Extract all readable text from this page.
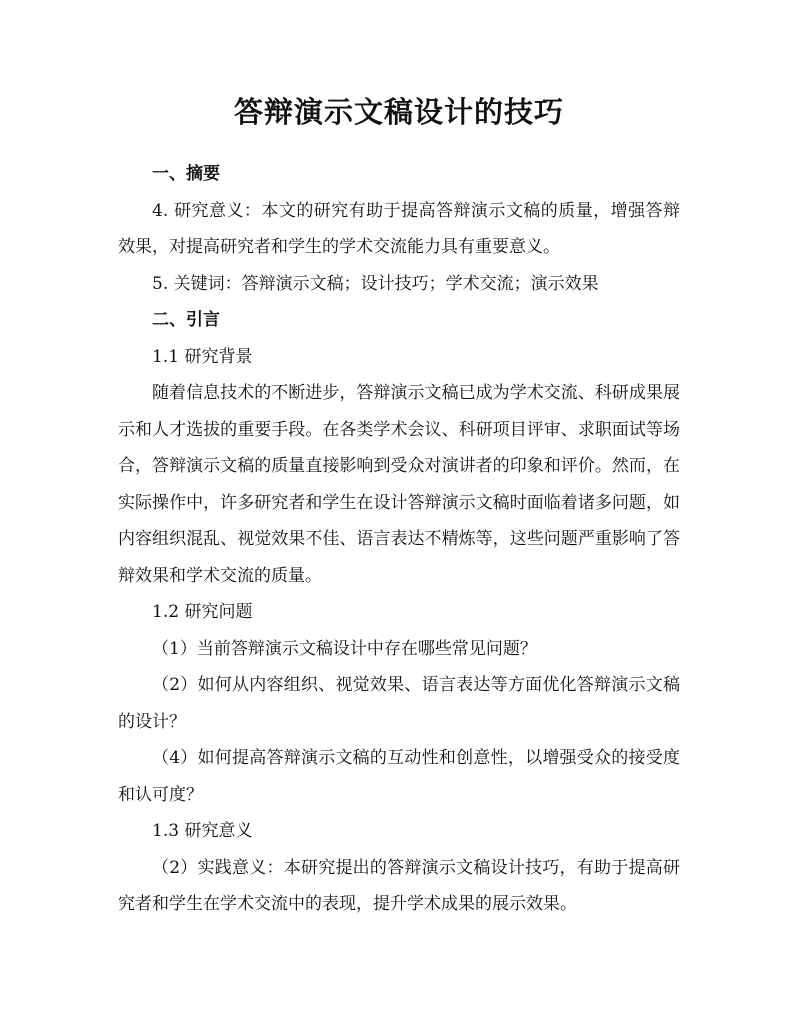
答辩演示文稿设计的技巧

一、摘要

4. 研究意义：本文的研究有助于提高答辩演示文稿的质量，增强答辩效果，对提高研究者和学生的学术交流能力具有重要意义。

5. 关键词：答辩演示文稿；设计技巧；学术交流；演示效果

二、引言

1.1 研究背景

随着信息技术的不断进步，答辩演示文稿已成为学术交流、科研成果展示和人才选拔的重要手段。在各类学术会议、科研项目评审、求职面试等场合，答辩演示文稿的质量直接影响到受众对演讲者的印象和评价。然而，在实际操作中，许多研究者和学生在设计答辩演示文稿时面临着诸多问题，如内容组织混乱、视觉效果不佳、语言表达不精炼等，这些问题严重影响了答辩效果和学术交流的质量。

1.2 研究问题

（1）当前答辩演示文稿设计中存在哪些常见问题？

（2）如何从内容组织、视觉效果、语言表达等方面优化答辩演示文稿的设计？

（4）如何提高答辩演示文稿的互动性和创意性，以增强受众的接受度和认可度？

1.3 研究意义

（2）实践意义：本研究提出的答辩演示文稿设计技巧，有助于提高研究者和学生在学术交流中的表现，提升学术成果的展示效果。
